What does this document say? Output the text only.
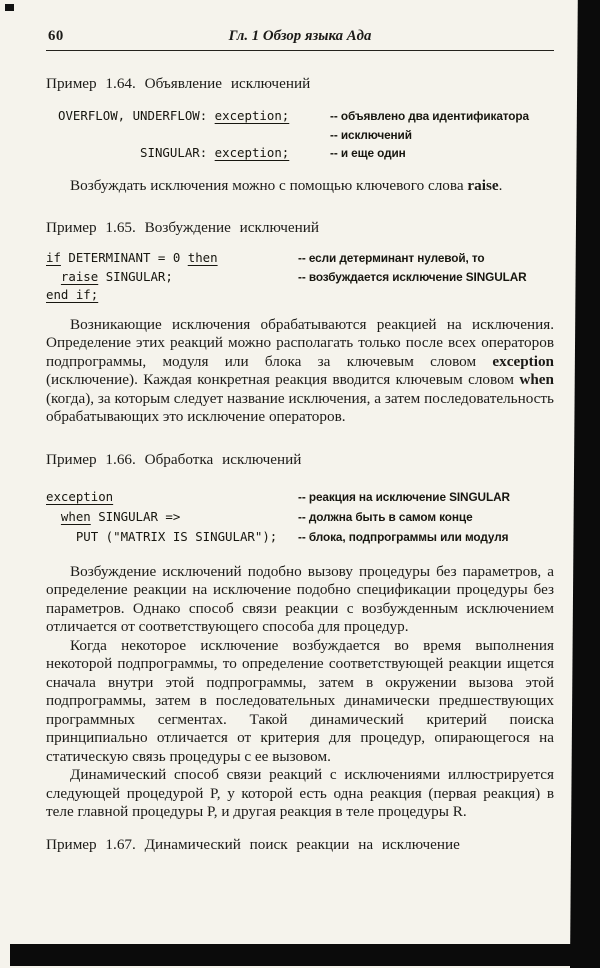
60	Гл. 1 Обзор языка Ада

Пример 1.64. Объявление исключений

OVERFLOW, UNDERFLOW: exception;	-- объявлено два идентификатора
-- исключений
SINGULAR: exception;	-- и еще один

Возбуждать исключения можно с помощью ключевого слова raise.

Пример 1.65. Возбуждение исключений

if DETERMINANT = 0 then	-- если детерминант нулевой, то
raise SINGULAR;	-- возбуждается исключение SINGULAR
end if;

Возникающие исключения обрабатываются реакцией на исключения. Определение этих реакций можно располагать только после всех операторов подпрограммы, модуля или блока за ключевым словом exception (исключение). Каждая конкретная реакция вводится ключевым словом when (когда), за которым следует название исключения, а затем последовательность обрабатывающих это исключение операторов.

Пример 1.66. Обработка исключений

exception	-- реакция на исключение SINGULAR
when SINGULAR =>	-- должна быть в самом конце
PUT ("MATRIX IS SINGULAR");	-- блока, подпрограммы или модуля

Возбуждение исключений подобно вызову процедуры без параметров, а определение реакции на исключение подобно спецификации процедуры без параметров. Однако способ связи реакции с возбужденным исключением отличается от соответствующего способа для процедур.

Когда некоторое исключение возбуждается во время выполнения некоторой подпрограммы, то определение соответствующей реакции ищется сначала внутри этой подпрограммы, затем в окружении вызова этой подпрограммы, затем в последовательных динамически предшествующих программных сегментах. Такой динамический критерий поиска принципиально отличается от критерия для процедур, опирающегося на статическую связь процедуры с ее вызовом.

Динамический способ связи реакций с исключениями иллюстрируется следующей процедурой P, у которой есть одна реакция (первая реакция) в теле главной процедуры P, и другая реакция в теле процедуры R.

Пример 1.67. Динамический поиск реакции на исключение
